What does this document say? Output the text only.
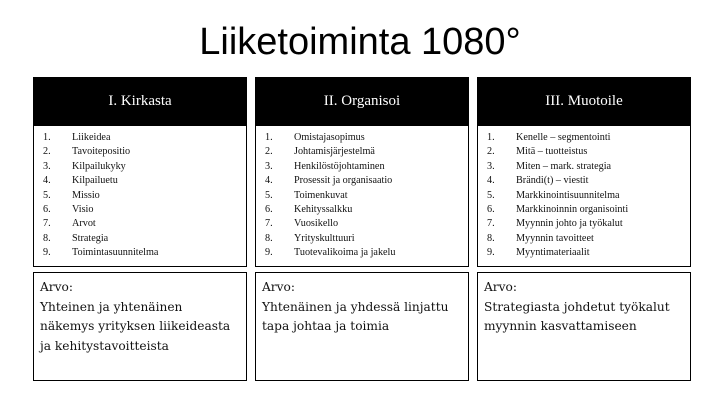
Liiketoiminta 1080°
I. Kirkasta
1.	Liikeidea
2.	Tavoitepositio
3.	Kilpailukyky
4.	Kilpailuetu
5.	Missio
6.	Visio
7.	Arvot
8.	Strategia
9.	Toimintasuunnitelma
Arvo:
Yhteinen ja yhtenäinen
näkemys yrityksen liikeideasta
ja kehitystavoitteista
II. Organisoi
1.	Omistajasopimus
2.	Johtamisjärjestelmä
3.	Henkilöstöjohtaminen
4.	Prosessit ja organisaatio
5.	Toimenkuvat
6.	Kehityssalkku
7.	Vuosikello
8.	Yrityskulttuuri
9.	Tuotevalikoima ja jakelu
Arvo:
Yhtenäinen ja yhdessä linjattu
tapa johtaa ja toimia
III. Muotoile
1.	Kenelle – segmentointi
2.	Mitä – tuotteistus
3.	Miten – mark. strategia
4.	Brändi(t) – viestit
5.	Markkinointisuunnitelma
6.	Markkinoinnin organisointi
7.	Myynnin johto ja työkalut
8.	Myynnin tavoitteet
9.	Myyntimateriaalit
Arvo:
Strategiasta johdetut työkalut
myynnin kasvattamiseen
